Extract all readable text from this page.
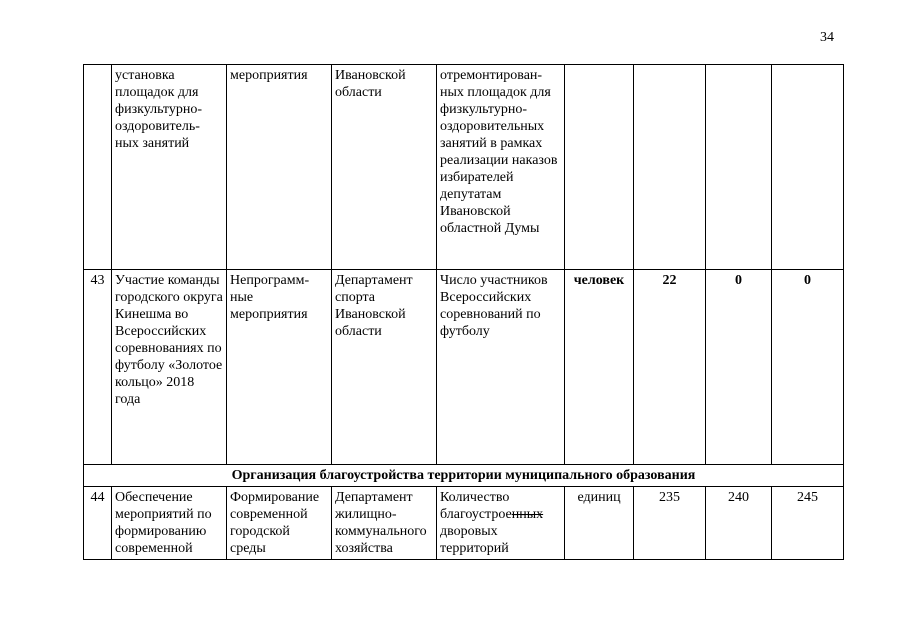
34
	установка площадок для физкультурно-оздоровитель-ных занятий	мероприятия	Ивановской области	отремонтирован-ных площадок для физкультурно-оздоровительных занятий в рамках реализации наказов избирателей депутатам Ивановской областной Думы				
43	Участие команды городского округа Кинешма во Всероссийских соревнованиях по футболу «Золотое кольцо» 2018 года	Непрограмм-ные мероприятия	Департамент спорта Ивановской области	Число участников Всероссийских соревнований по футболу	человек	22	0	0
Организация благоустройства территории муниципального образования								
44	Обеспечение мероприятий по формированию современной	Формирование современной городской среды	Департамент жилищно-коммунального хозяйства	Количество благоустроенных дворовых территорий	единиц	235	240	245
